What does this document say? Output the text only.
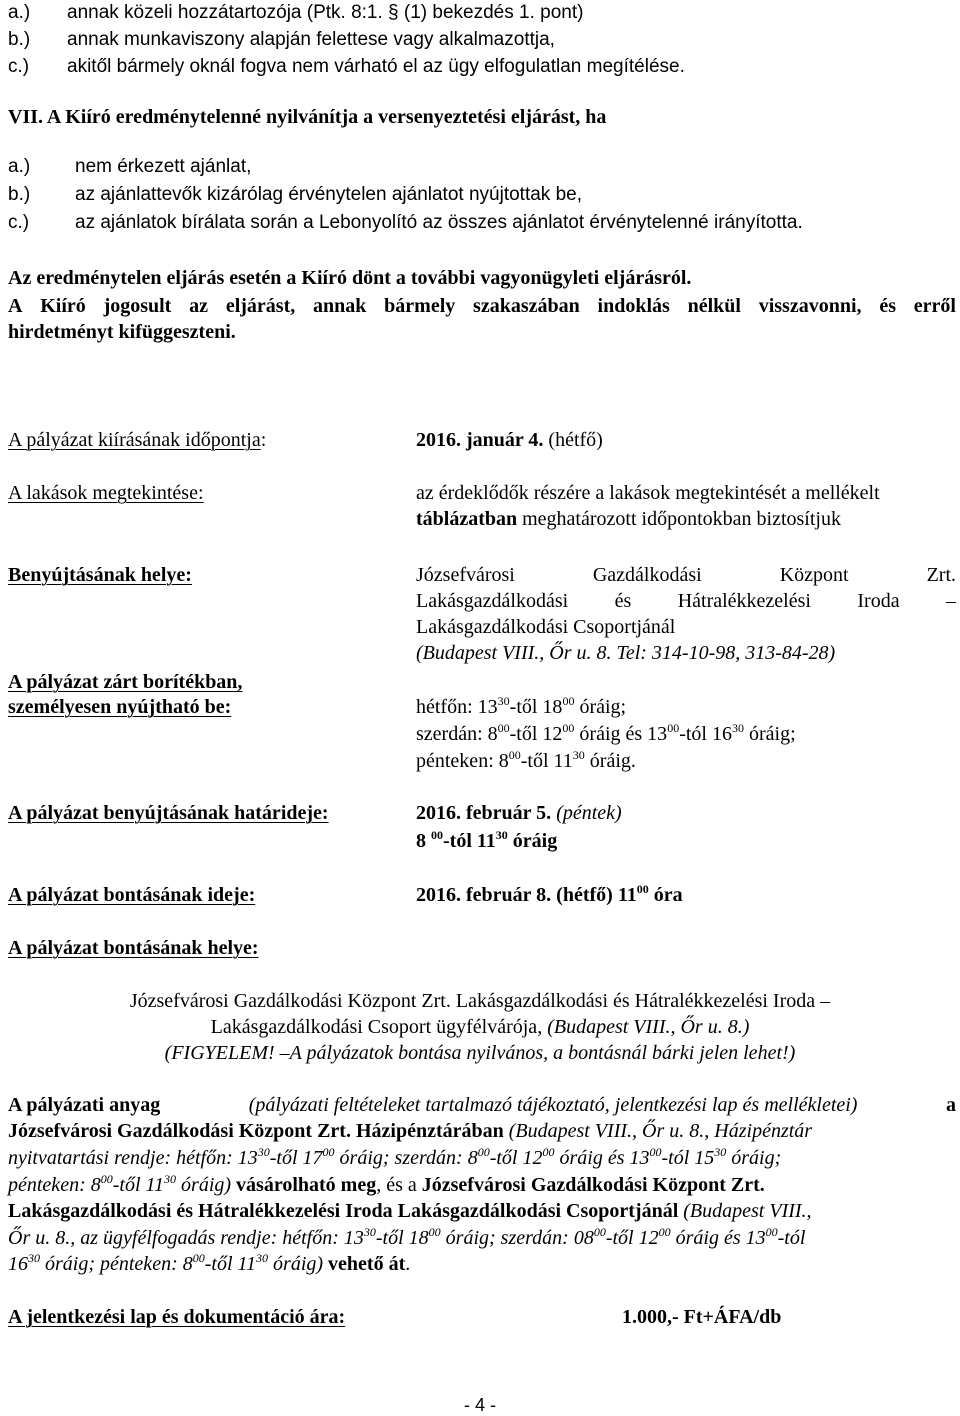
a.) annak közeli hozzátartozója (Ptk. 8:1. § (1) bekezdés 1. pont)
b.) annak munkaviszony alapján felettese vagy alkalmazottja,
c.) akitől bármely oknál fogva nem várható el az ügy elfogulatlan megítélése.
VII. A Kiíró eredménytelenné nyilvánítja a versenyeztetési eljárást, ha
a.) nem érkezett ajánlat,
b.) az ajánlattevők kizárólag érvénytelen ajánlatot nyújtottak be,
c.) az ajánlatok bírálata során a Lebonyolító az összes ajánlatot érvénytelenné irányította.
Az eredménytelen eljárás esetén a Kiíró dönt a további vagyonügyleti eljárásról.
A Kiíró jogosult az eljárást, annak bármely szakaszában indoklás nélkül visszavonni, és erről
hirdetményt kifüggeszteni.
A pályázat kiírásának időpontja:	2016. január 4. (hétfő)
A lakások megtekintése:	az érdeklődők részére a lakások megtekintését a mellékelt
táblázatban meghatározott időpontokban biztosítjuk
Benyújtásának helye:	Józsefvárosi	Gazdálkodási	Központ	Zrt.
Lakásgazdálkodási és Hátralékkezelési Iroda –
Lakásgazdálkodási Csoportjánál
(Budapest VIII., Őr u. 8. Tel: 314-10-98, 313-84-28)
A pályázat zárt borítékban,
személyesen nyújtható be:	hétfőn: $13^{30}$-től $18^{00}$ óráig;
szerdán: $8^{00}$-től $12^{00}$ óráig és $13^{00}$-tól $16^{30}$ óráig;
pénteken: $8^{00}$-től $11^{30}$ óráig.
A pályázat benyújtásának határideje:	2016. február 5. (péntek)
8 $^{00}$-tól $11^{30}$ óráig
A pályázat bontásának ideje:	2016. február 8. (hétfő) $11^{00}$ óra
A pályázat bontásának helye:
Józsefvárosi Gazdálkodási Központ Zrt. Lakásgazdálkodási és Hátralékkezelési Iroda –
Lakásgazdálkodási Csoport ügyfélvárója, (Budapest VIII., Őr u. 8.)
(FIGYELEM! –A pályázatok bontása nyilvános, a bontásnál bárki jelen lehet!)
A pályázati anyag	(pályázati feltételeket tartalmazó tájékoztató, jelentkezési lap és mellékletei)	a
Józsefvárosi Gazdálkodási Központ Zrt. Házipénztárában (Budapest VIII., Őr u. 8., Házipénztár
nyitvatartási rendje: hétfőn: $13^{30}$-től $17^{00}$ óráig; szerdán: $8^{00}$-től $12^{00}$ óráig és $13^{00}$-tól $15^{30}$ óráig;
pénteken: $8^{00}$-től $11^{30}$ óráig) vásárolható meg, és a Józsefvárosi Gazdálkodási Központ Zrt.
Lakásgazdálkodási és Hátralékkezelési Iroda Lakásgazdálkodási Csoportjánál (Budapest VIII.,
Őr u. 8., az ügyfélfogadás rendje: hétfőn: $13^{30}$-től $18^{00}$ óráig; szerdán: $08^{00}$-től $12^{00}$ óráig és $13^{00}$-tól
$16^{30}$ óráig; pénteken: $8^{00}$-től $11^{30}$ óráig) vehető át.
A jelentkezési lap és dokumentáció ára:	1.000,- Ft+ÁFA/db
- 4 -
